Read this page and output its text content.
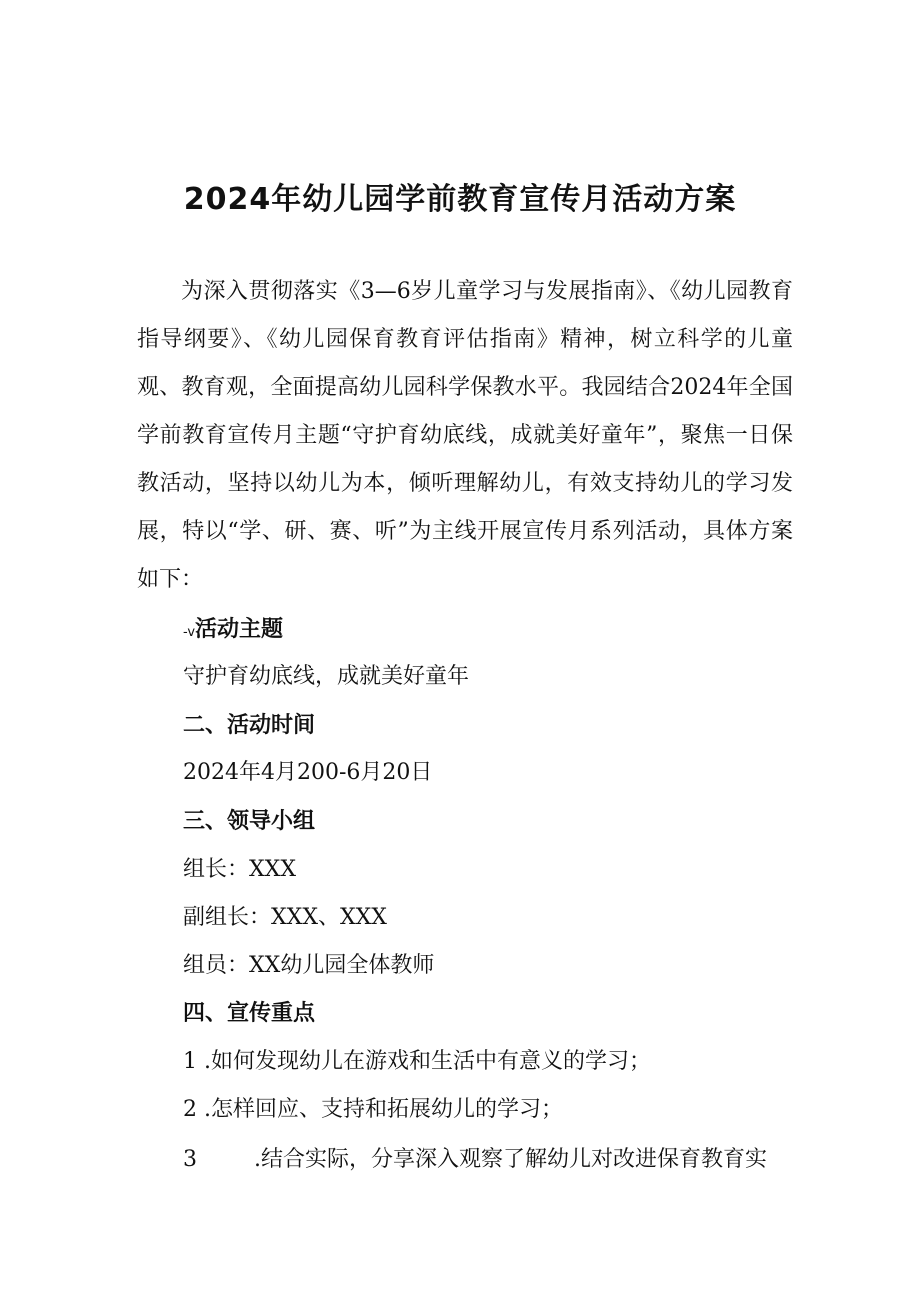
2024年幼儿园学前教育宣传月活动方案

为深入贯彻落实《3—6岁儿童学习与发展指南》、《幼儿园教育指导纲要》、《幼儿园保育教育评估指南》精神，树立科学的儿童观、教育观，全面提高幼儿园科学保教水平。我园结合2024年全国学前教育宣传月主题“守护育幼底线，成就美好童年”，聚焦一日保教活动，坚持以幼儿为本，倾听理解幼儿，有效支持幼儿的学习发展，特以“学、研、赛、听”为主线开展宣传月系列活动，具体方案如下：

-v活动主题

守护育幼底线，成就美好童年

二、活动时间

2024年4月200-6月20日

三、领导小组

组长：XXX

副组长：XXX、XXX

组员：XX幼儿园全体教师

四、宣传重点

1 .如何发现幼儿在游戏和生活中有意义的学习；

2 .怎样回应、支持和拓展幼儿的学习；

3	.结合实际，分享深入观察了解幼儿对改进保育教育实
